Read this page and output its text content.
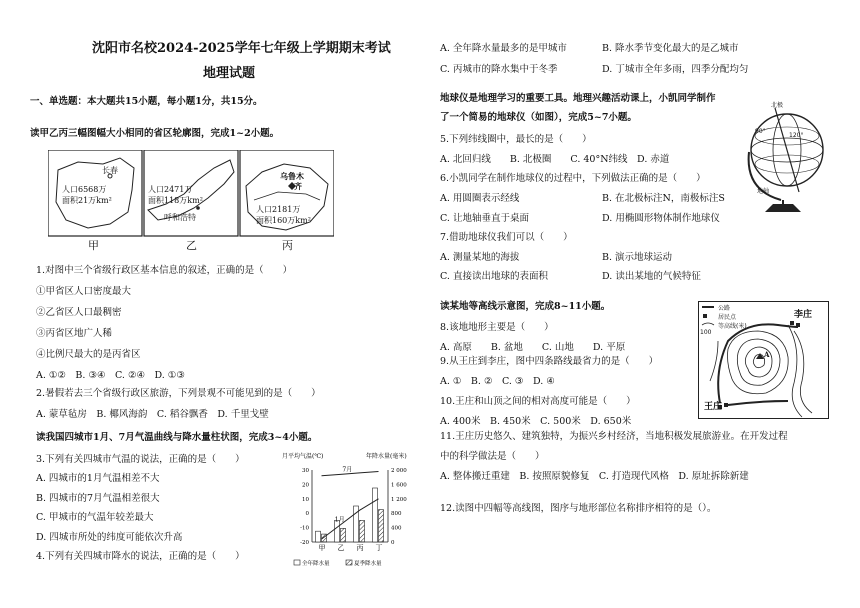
沈阳市名校2024-2025学年七年级上学期期末考试
地理试题
一、单选题：本大题共15小题，每小题1分，共15分。
读甲乙丙三幅图幅大小相同的省区轮廓图，完成1~2小题。
长春
人口6568万
面积21万km²
人口2471万
面积118万km²
呼和浩特
乌鲁木
齐
人口2181万
面积160万km²
甲	乙	丙
1.对图中三个省级行政区基本信息的叙述，正确的是（　　）
①甲省区人口密度最大
②乙省区人口最稠密
③丙省区地广人稀
④比例尺最大的是丙省区
A. ①②　B. ③④　C. ②④　D. ①③
2.暑假若去三个省级行政区旅游，下列景观不可能见到的是（　　）
A. 蒙草毡房　B. 椰风海韵　C. 稻谷飘香　D. 千里戈壁
读我国四城市1月、7月气温曲线与降水量柱状图，完成3~4小题。
3.下列有关四城市气温的说法，正确的是（　　）
A. 四城市的1月气温相差不大
B. 四城市的7月气温相差很大
C. 甲城市的气温年较差最大
D. 四城市所处的纬度可能依次升高
4.下列有关四城市降水的说法，正确的是（　　）
月平均气温(℃)	年降水量(毫米)
30
20
10
0
-10
-20
2 000
1 600
1 200
800
400
0
甲 乙 丙 丁
7月
1月
全年降水量	夏季降水量
A. 全年降水量最多的是甲城市	B. 降水季节变化最大的是乙城市
C. 丙城市的降水集中于冬季	D. 丁城市全年多雨，四季分配均匀
地球仪是地理学习的重要工具。地理兴趣活动课上，小凯同学制作
了一个简易的地球仪（如图），完成5~7小题。
5.下列纬线圈中，最长的是（　　）
A. 北回归线　　B. 北极圈　　C. 40°N纬线　D. 赤道
6.小凯同学在制作地球仪的过程中，下列做法正确的是（　　）
A. 用圆圈表示经线	B. 在北极标注N，南极标注S
C. 让地轴垂直于桌面	D. 用椭圆形物体制作地球仪
7.借助地球仪我们可以（　　）
A. 测量某地的海拔	B. 演示地球运动
C. 直接读出地球的表面积	D. 读出某地的气候特征
北极
90°
120°
地轴
读某地等高线示意图，完成8~11小题。
8.该地地形主要是（　　）
A. 高原　　B. 盆地　　C. 山地　　D. 平原
9.从王庄到李庄，图中四条路线最省力的是（　　）
A. ①　B. ②　C. ③　D. ④
10.王庄和山顶之间的相对高度可能是（　　）
A. 400米　B. 450米　C. 500米　D. 650米
11.王庄历史悠久、建筑独特，为振兴乡村经济，当地积极发展旅游业。在开发过程
中的科学做法是（　　）
A. 整体搬迁重建　B. 按照原貌修复　C. 打造现代风格　D. 原址拆除新建
12.读图中四幅等高线图，图序与地形部位名称排序相符的是（）。
公路
居民点
100
等高线(米)
李庄
王庄
A
